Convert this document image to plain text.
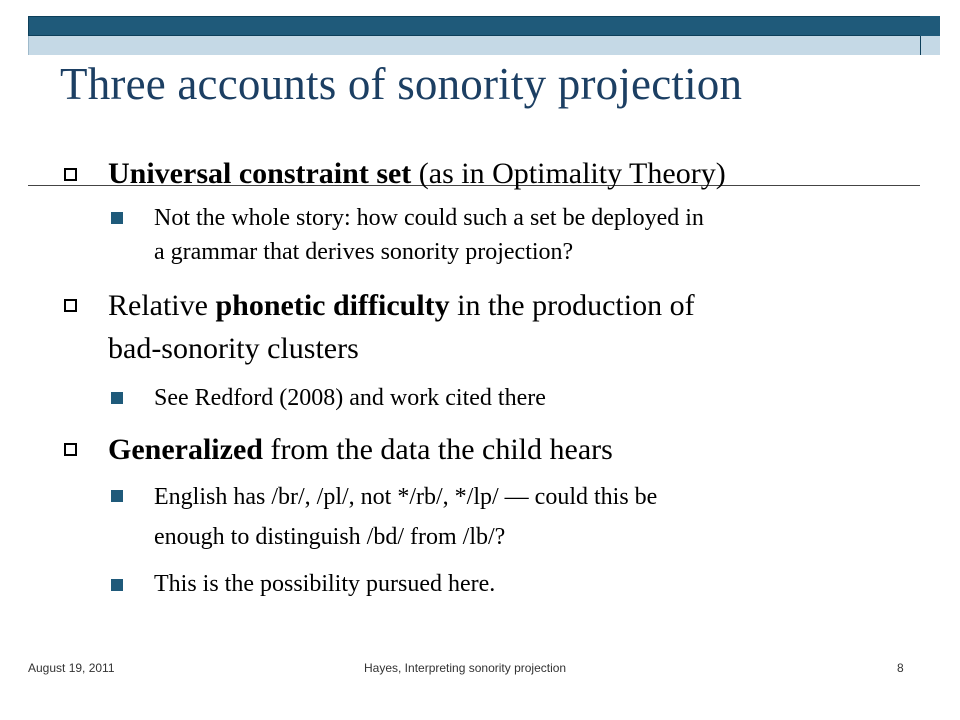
Three accounts of sonority projection
Universal constraint set (as in Optimality Theory)
Not the whole story: how could such a set be deployed in
a grammar that derives sonority projection?
Relative phonetic difficulty in the production of
bad-sonority clusters
See Redford (2008) and work cited there
Generalized from the data the child hears
English has /br/, /pl/, not */rb/, */lp/ — could this be
enough to distinguish /bd/ from /lb/?
This is the possibility pursued here.
August 19, 2011	Hayes, Interpreting sonority projection	8
